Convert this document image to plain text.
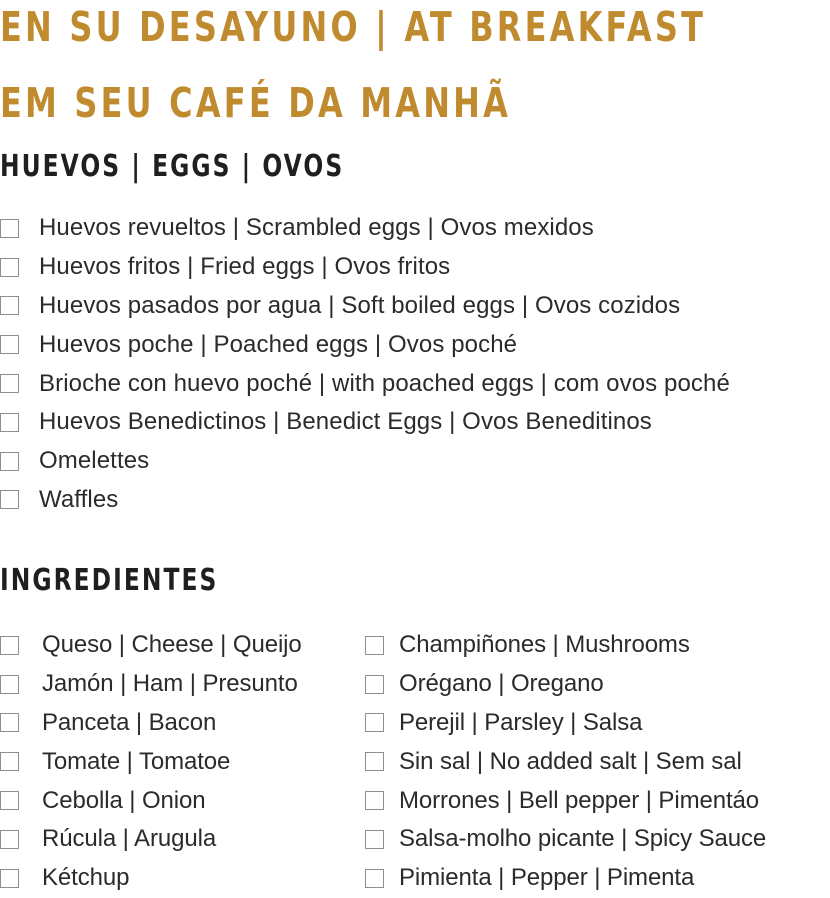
EN SU DESAYUNO | AT BREAKFAST
EM SEU CAFÉ DA MANHÃ
HUEVOS | EGGS | OVOS
Huevos revueltos | Scrambled eggs | Ovos mexidos
Huevos fritos | Fried eggs | Ovos fritos
Huevos pasados por agua | Soft boiled eggs | Ovos cozidos
Huevos poche | Poached eggs | Ovos poché
Brioche con huevo poché | with poached eggs | com ovos poché
Huevos Benedictinos | Benedict Eggs | Ovos Beneditinos
Omelettes
Waffles
INGREDIENTES
Queso | Cheese | Queijo
Jamón | Ham | Presunto
Panceta | Bacon
Tomate | Tomatoe
Cebolla | Onion
Rúcula | Arugula
Kétchup
Champiñones | Mushrooms
Orégano | Oregano
Perejil | Parsley | Salsa
Sin sal | No added salt | Sem sal
Morrones | Bell pepper | Pimentáo
Salsa-molho picante | Spicy Sauce
Pimienta | Pepper | Pimenta
